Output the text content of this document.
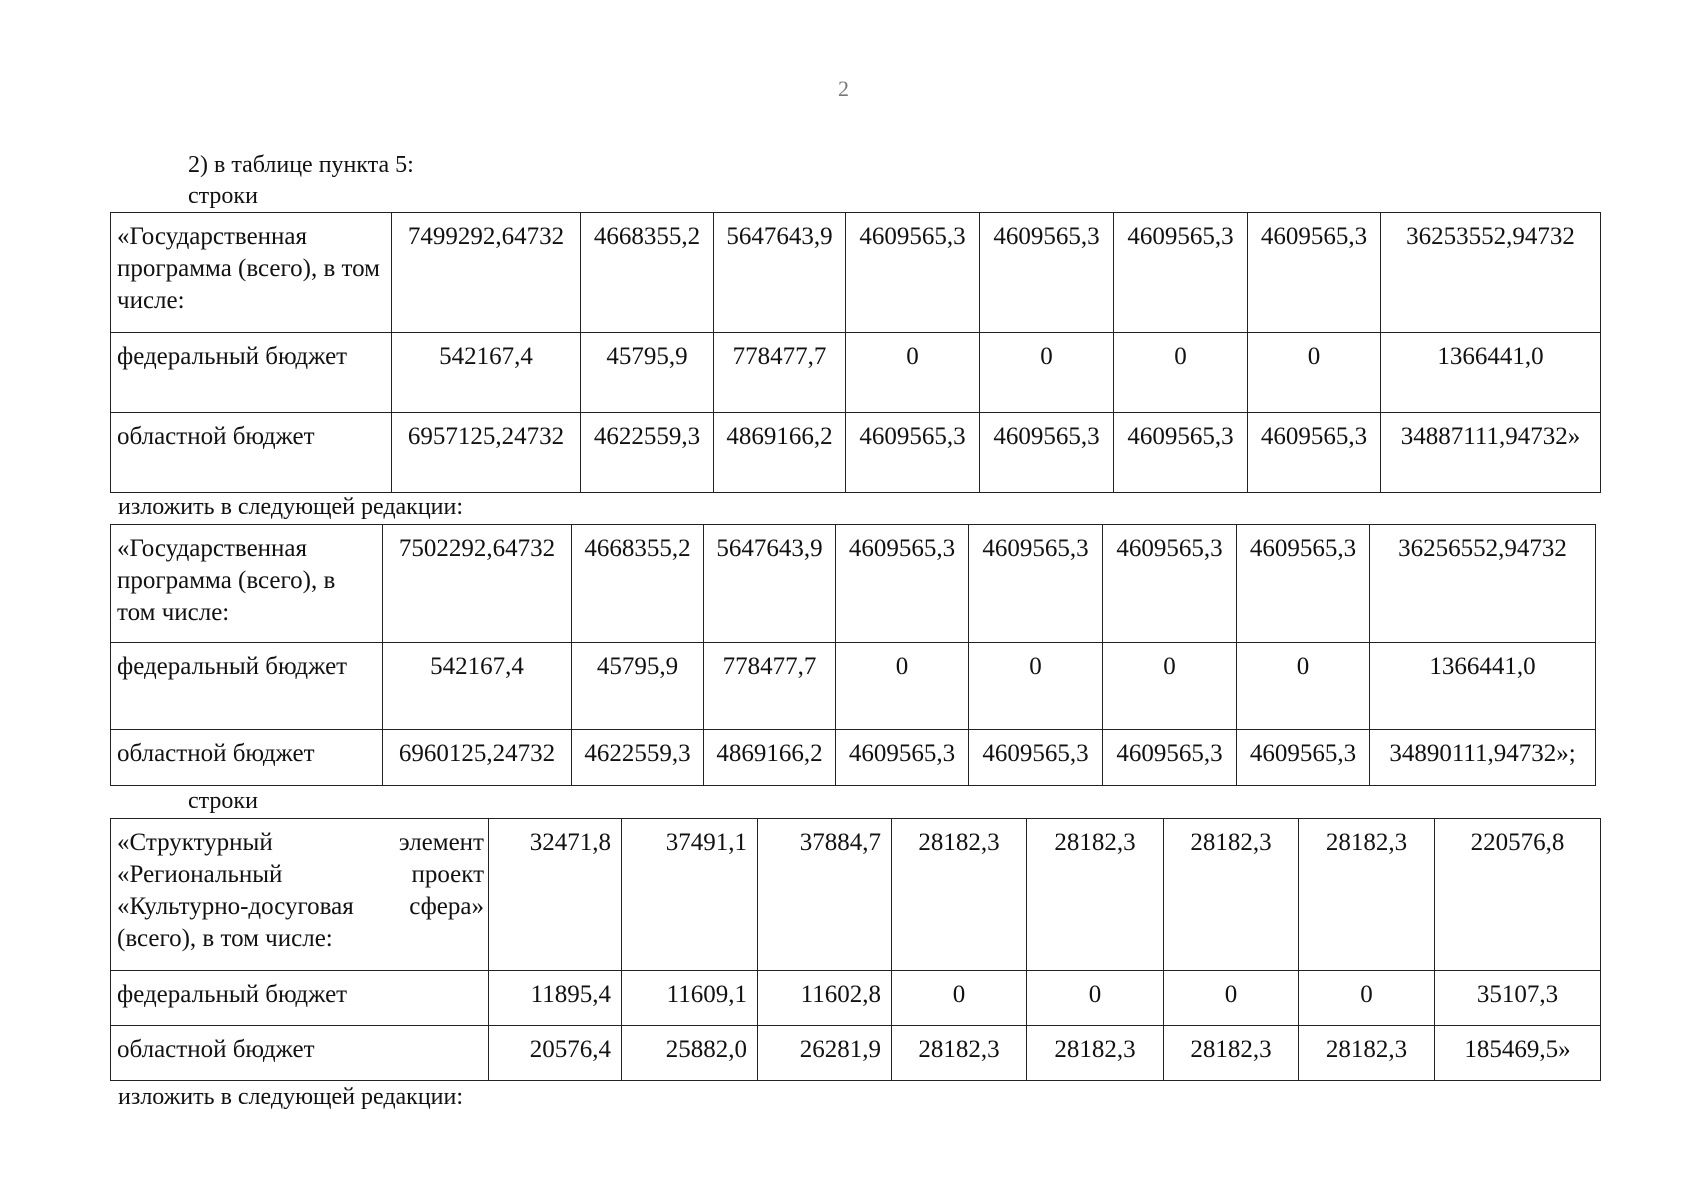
2
2) в таблице пункта 5:
строки
«Государственная программа (всего), в том числе:	7499292,64732	4668355,2	5647643,9	4609565,3	4609565,3	4609565,3	4609565,3	36253552,94732
федеральный бюджет	542167,4	45795,9	778477,7	0	0	0	0	1366441,0
областной бюджет	6957125,24732	4622559,3	4869166,2	4609565,3	4609565,3	4609565,3	4609565,3	34887111,94732»
изложить в следующей редакции:
«Государственная программа (всего), в том числе:	7502292,64732	4668355,2	5647643,9	4609565,3	4609565,3	4609565,3	4609565,3	36256552,94732
федеральный бюджет	542167,4	45795,9	778477,7	0	0	0	0	1366441,0
областной бюджет	6960125,24732	4622559,3	4869166,2	4609565,3	4609565,3	4609565,3	4609565,3	34890111,94732»;
строки
«Структурный элемент «Региональный проект «Культурно-досуговая сфера» (всего), в том числе:	32471,8	37491,1	37884,7	28182,3	28182,3	28182,3	28182,3	220576,8
федеральный бюджет	11895,4	11609,1	11602,8	0	0	0	0	35107,3
областной бюджет	20576,4	25882,0	26281,9	28182,3	28182,3	28182,3	28182,3	185469,5»
изложить в следующей редакции:
